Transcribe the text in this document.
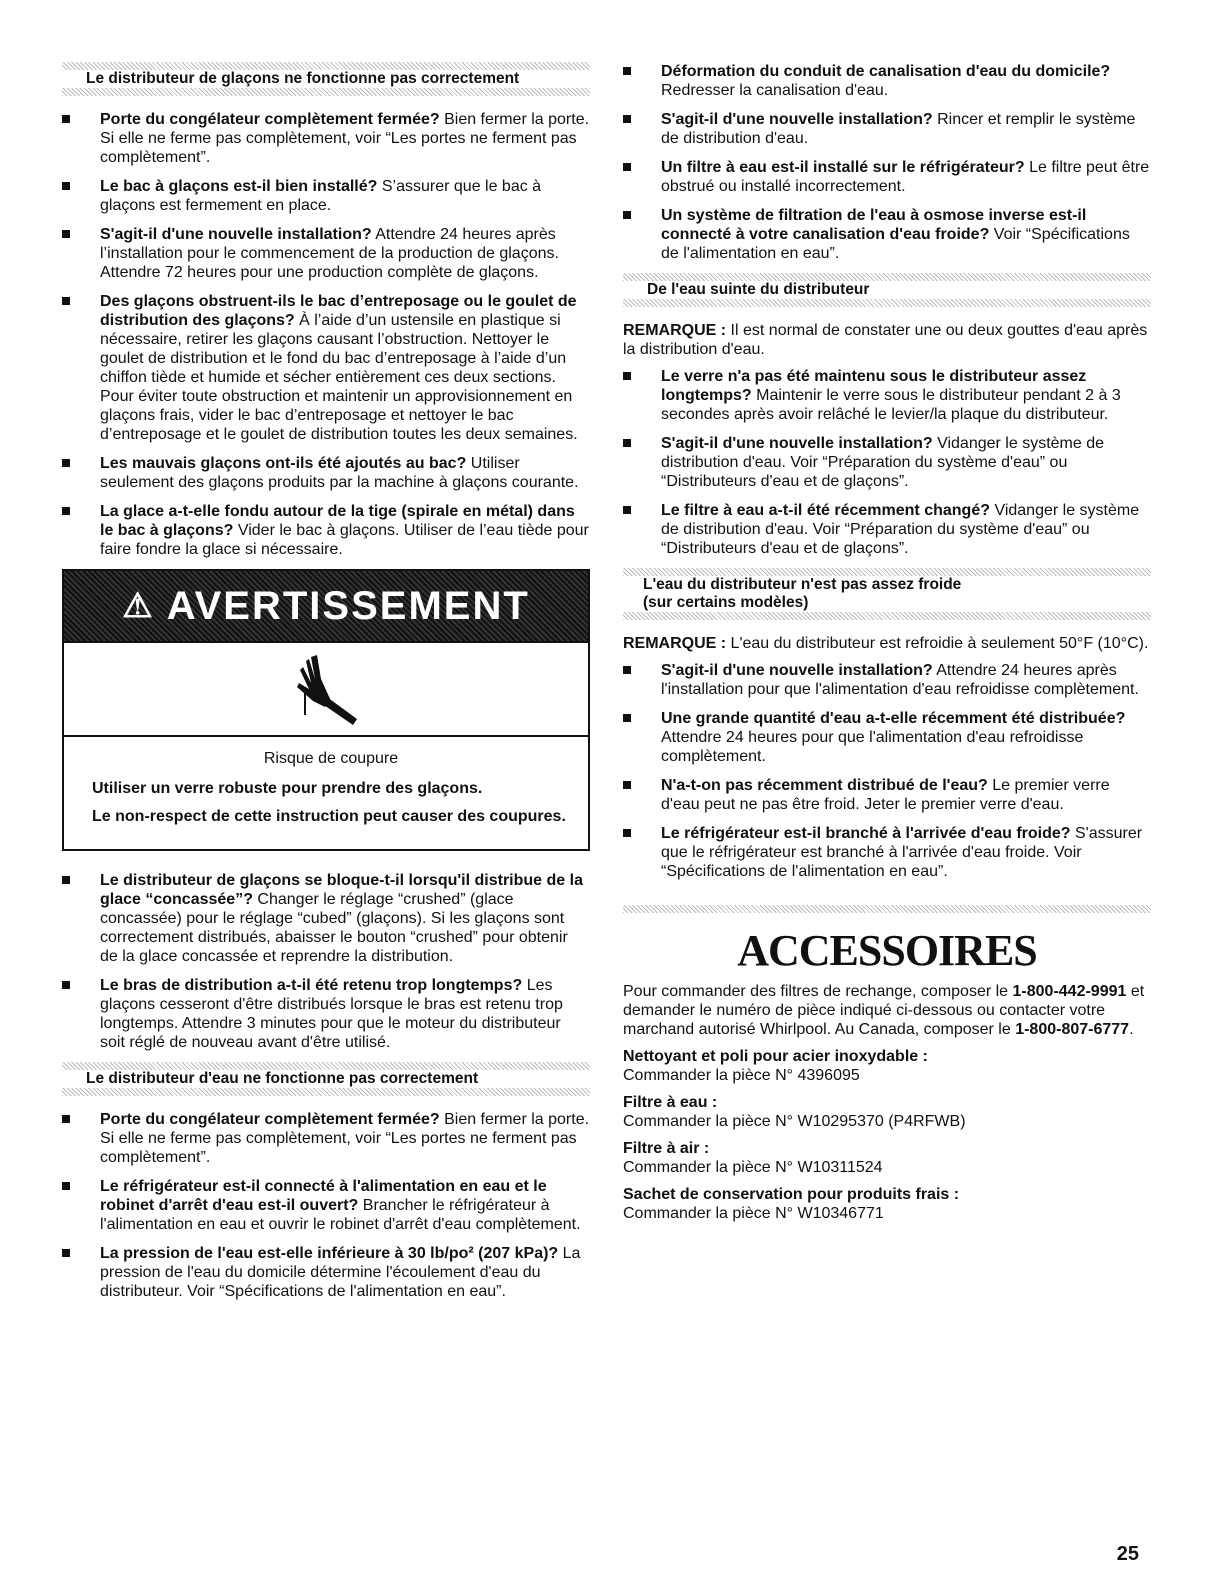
Le distributeur de glaçons ne fonctionne pas correctement
Porte du congélateur complètement fermée? Bien fermer la porte. Si elle ne ferme pas complètement, voir “Les portes ne ferment pas complètement”.
Le bac à glaçons est-il bien installé? S’assurer que le bac à glaçons est fermement en place.
S'agit-il d'une nouvelle installation? Attendre 24 heures après l’installation pour le commencement de la production de glaçons. Attendre 72 heures pour une production complète de glaçons.
Des glaçons obstruent-ils le bac d’entreposage ou le goulet de distribution des glaçons? À l’aide d’un ustensile en plastique si nécessaire, retirer les glaçons causant l’obstruction. Nettoyer le goulet de distribution et le fond du bac d’entreposage à l’aide d’un chiffon tiède et humide et sécher entièrement ces deux sections. Pour éviter toute obstruction et maintenir un approvisionnement en glaçons frais, vider le bac d’entreposage et nettoyer le bac d’entreposage et le goulet de distribution toutes les deux semaines.
Les mauvais glaçons ont-ils été ajoutés au bac? Utiliser seulement des glaçons produits par la machine à glaçons courante.
La glace a-t-elle fondu autour de la tige (spirale en métal) dans le bac à glaçons? Vider le bac à glaçons. Utiliser de l’eau tiède pour faire fondre la glace si nécessaire.
⚠ AVERTISSEMENT
Risque de coupure

Utiliser un verre robuste pour prendre des glaçons.

Le non-respect de cette instruction peut causer des coupures.

Le distributeur de glaçons se bloque-t-il lorsqu'il distribue de la glace “concassée”? Changer le réglage “crushed” (glace concassée) pour le réglage “cubed” (glaçons). Si les glaçons sont correctement distribués, abaisser le bouton “crushed” pour obtenir de la glace concassée et reprendre la distribution.
Le bras de distribution a-t-il été retenu trop longtemps? Les glaçons cesseront d'être distribués lorsque le bras est retenu trop longtemps. Attendre 3 minutes pour que le moteur du distributeur soit réglé de nouveau avant d'être utilisé.
Le distributeur d'eau ne fonctionne pas correctement
Porte du congélateur complètement fermée? Bien fermer la porte. Si elle ne ferme pas complètement, voir “Les portes ne ferment pas complètement”.
Le réfrigérateur est-il connecté à l'alimentation en eau et le robinet d'arrêt d'eau est-il ouvert? Brancher le réfrigérateur à l'alimentation en eau et ouvrir le robinet d'arrêt d'eau complètement.
La pression de l'eau est-elle inférieure à 30 lb/po² (207 kPa)? La pression de l'eau du domicile détermine l'écoulement d'eau du distributeur. Voir “Spécifications de l'alimentation en eau”.
Déformation du conduit de canalisation d'eau du domicile? Redresser la canalisation d'eau.
S'agit-il d'une nouvelle installation? Rincer et remplir le système de distribution d'eau.
Un filtre à eau est-il installé sur le réfrigérateur? Le filtre peut être obstrué ou installé incorrectement.
Un système de filtration de l'eau à osmose inverse est-il connecté à votre canalisation d'eau froide? Voir “Spécifications de l'alimentation en eau”.
De l'eau suinte du distributeur

REMARQUE : Il est normal de constater une ou deux gouttes d'eau après la distribution d'eau.

Le verre n'a pas été maintenu sous le distributeur assez longtemps? Maintenir le verre sous le distributeur pendant 2 à 3 secondes après avoir relâché le levier/la plaque du distributeur.
S'agit-il d'une nouvelle installation? Vidanger le système de distribution d'eau. Voir “Préparation du système d'eau” ou “Distributeurs d'eau et de glaçons”.
Le filtre à eau a-t-il été récemment changé? Vidanger le système de distribution d'eau. Voir “Préparation du système d'eau” ou “Distributeurs d'eau et de glaçons”.
L'eau du distributeur n'est pas assez froide
(sur certains modèles)

REMARQUE : L'eau du distributeur est refroidie à seulement 50°F (10°C).

S'agit-il d'une nouvelle installation? Attendre 24 heures après l'installation pour que l'alimentation d'eau refroidisse complètement.
Une grande quantité d'eau a-t-elle récemment été distribuée? Attendre 24 heures pour que l'alimentation d'eau refroidisse complètement.
N'a-t-on pas récemment distribué de l'eau? Le premier verre d'eau peut ne pas être froid. Jeter le premier verre d'eau.
Le réfrigérateur est-il branché à l'arrivée d'eau froide? S'assurer que le réfrigérateur est branché à l'arrivée d'eau froide. Voir “Spécifications de l'alimentation en eau”.
ACCESSOIRES

Pour commander des filtres de rechange, composer le 1-800-442-9991 et demander le numéro de pièce indiqué ci-dessous ou contacter votre marchand autorisé Whirlpool. Au Canada, composer le 1-800-807-6777.

Nettoyant et poli pour acier inoxydable :

Commander la pièce N° 4396095

Filtre à eau :

Commander la pièce N° W10295370 (P4RFWB)

Filtre à air :

Commander la pièce N° W10311524

Sachet de conservation pour produits frais :

Commander la pièce N° W10346771

25
